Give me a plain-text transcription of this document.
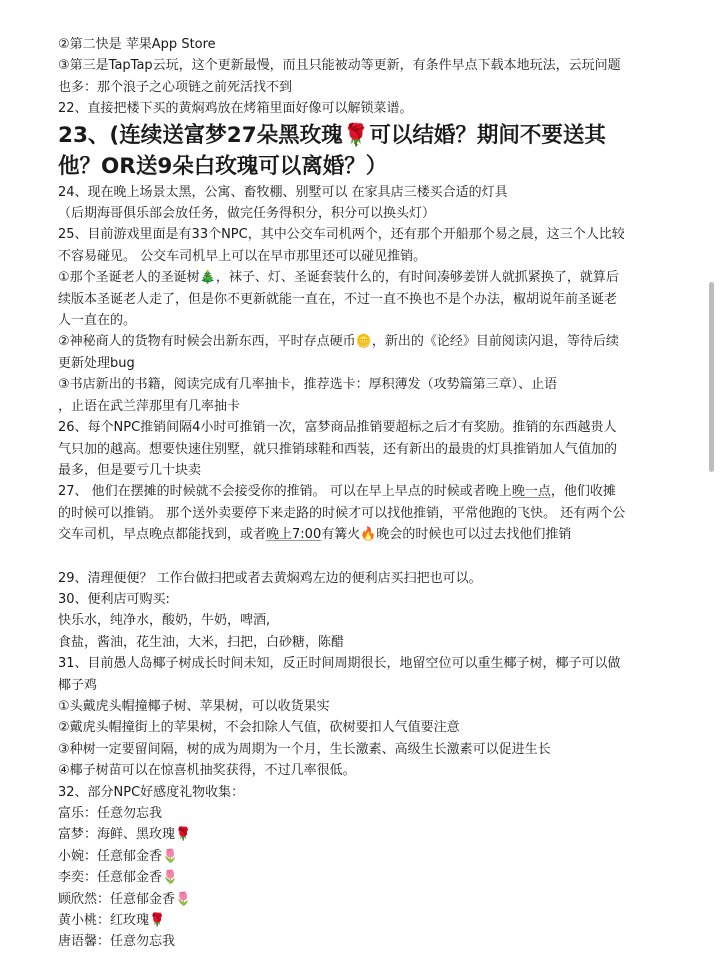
②第二快是 苹果App Store
③第三是TapTap云玩，这个更新最慢，而且只能被动等更新，有条件早点下载本地玩法，云玩问题
也多：那个浪子之心项链之前死活找不到
22、直接把楼下买的黄焖鸡放在烤箱里面好像可以解锁菜谱。
23、(连续送富梦27朵黑玫瑰🌹可以结婚？期间不要送其
他？OR送9朵白玫瑰可以离婚？）
24、现在晚上场景太黑，公寓、畜牧棚、别墅可以 在家具店三楼买合适的灯具
（后期海哥俱乐部会放任务，做完任务得积分，积分可以换头灯）
25、目前游戏里面是有33个NPC，其中公交车司机两个，还有那个开船那个易之晨，这三个人比较
不容易碰见。 公交车司机早上可以在早市那里还可以碰见推销。
①那个圣诞老人的圣诞树🎄，袜子、灯、圣诞套装什么的，有时间凑够姜饼人就抓紧换了，就算后
续版本圣诞老人走了，但是你不更新就能一直在，不过一直不换也不是个办法，椒胡说年前圣诞老
人一直在的。
②神秘商人的货物有时候会出新东西，平时存点硬币🪙，新出的《论经》目前阅读闪退，等待后续
更新处理bug
③书店新出的书籍，阅读完成有几率抽卡，推荐选卡：厚积薄发（攻势篇第三章）、止语
，止语在武兰萍那里有几率抽卡
26、每个NPC推销间隔4小时可推销一次，富梦商品推销要超标之后才有奖励。推销的东西越贵人
气只加的越高。想要快速住别墅，就只推销球鞋和西装，还有新出的最贵的灯具推销加人气值加的
最多，但是要亏几十块卖
27、 他们在摆摊的时候就不会接受你的推销。 可以在早上早点的时候或者晚上晚一点，他们收摊
的时候可以推销。 那个送外卖要停下来走路的时候才可以找他推销，平常他跑的飞快。 还有两个公
交车司机，早点晚点都能找到，或者晚上7:00有篝火🔥晚会的时候也可以过去找他们推销
29、清理便便？ 工作台做扫把或者去黄焖鸡左边的便利店买扫把也可以。
30、便利店可购买:
快乐水，纯净水，酸奶，牛奶，啤酒,
食盐，酱油，花生油，大米，扫把，白砂糖，陈醋
31、目前愚人岛椰子树成长时间未知，反正时间周期很长，地留空位可以重生椰子树，椰子可以做
椰子鸡
①头戴虎头帽撞椰子树、苹果树，可以收货果实
②戴虎头帽撞街上的苹果树，不会扣除人气值，砍树要扣人气值要注意
③种树一定要留间隔，树的成为周期为一个月，生长激素、高级生长激素可以促进生长
④椰子树苗可以在惊喜机抽奖获得，不过几率很低。
32、部分NPC好感度礼物收集：
富乐：任意勿忘我
富梦：海鲜、黑玫瑰🌹
小婉：任意郁金香🌷
李奕：任意郁金香🌷
顾欣然：任意郁金香🌷
黄小桃：红玫瑰🌹
唐语馨：任意勿忘我
